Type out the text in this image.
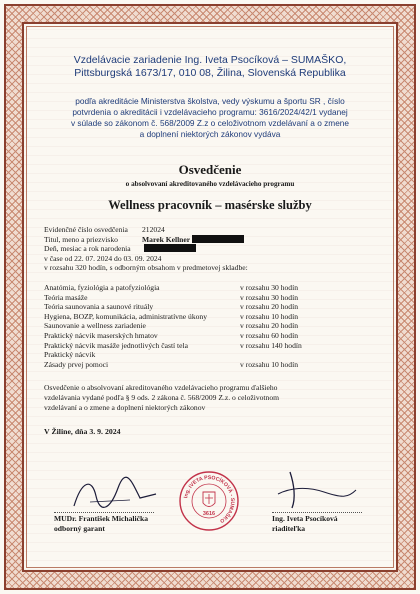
Vzdelávacie zariadenie Ing. Iveta Psocíková – SUMAŠKO,
Pittsburgská 1673/17, 010 08, Žilina, Slovenská Republika
podľa akreditácie Ministerstva školstva, vedy výskumu a športu SR , číslo
potvrdenia o akreditácii i vzdelávacieho programu: 3616/2024/42/1 vydanej
v súlade so zákonom č. 568/2009 Z.z o celoživotnom vzdelávaní a o zmene
a doplnení niektorých zákonov vydáva
Osvedčenie
o absolvovaní akreditovaného vzdelávacieho programu
Wellness pracovník – masérske služby
Evidenčné číslo osvedčenia	212024
Titul, meno a priezvisko	Marek Kellner
Deň, mesiac a rok narodenia
v čase od 22. 07. 2024 do 03. 09. 2024
v rozsahu 320 hodín, s odborným obsahom v predmetovej skladbe:
Anatómia, fyziológia a patofyziológia	v rozsahu 30 hodín
Teória masáže	v rozsahu 30 hodín
Teória saunovania a saunové rituály	v rozsahu 20 hodín
Hygiena, BOZP, komunikácia, administratívne úkony	v rozsahu 10 hodín
Saunovanie a wellness zariadenie	v rozsahu 20 hodín
Praktický nácvik maserských hmatov	v rozsahu 60 hodín
Praktický nácvik masáže jednotlivých častí tela	v rozsahu 140 hodín
Praktický nácvik
Zásady prvej pomoci	v rozsahu 10 hodín
Osvedčenie o absolvovaní akreditovaného vzdelávacieho programu ďalšieho
vzdelávania vydané podľa § 9 ods. 2 zákona č. 568/2009 Z.z. o celoživotnom
vzdelávaní a o zmene a doplnení niektorých zákonov
V Žiline, dňa 3. 9. 2024
Ing. IVETA PSOCÍKOVÁ - SUMAŠKO
3616
MUDr. František Michalička
odborný garant
Ing. Iveta Psocíková
riaditeľka
